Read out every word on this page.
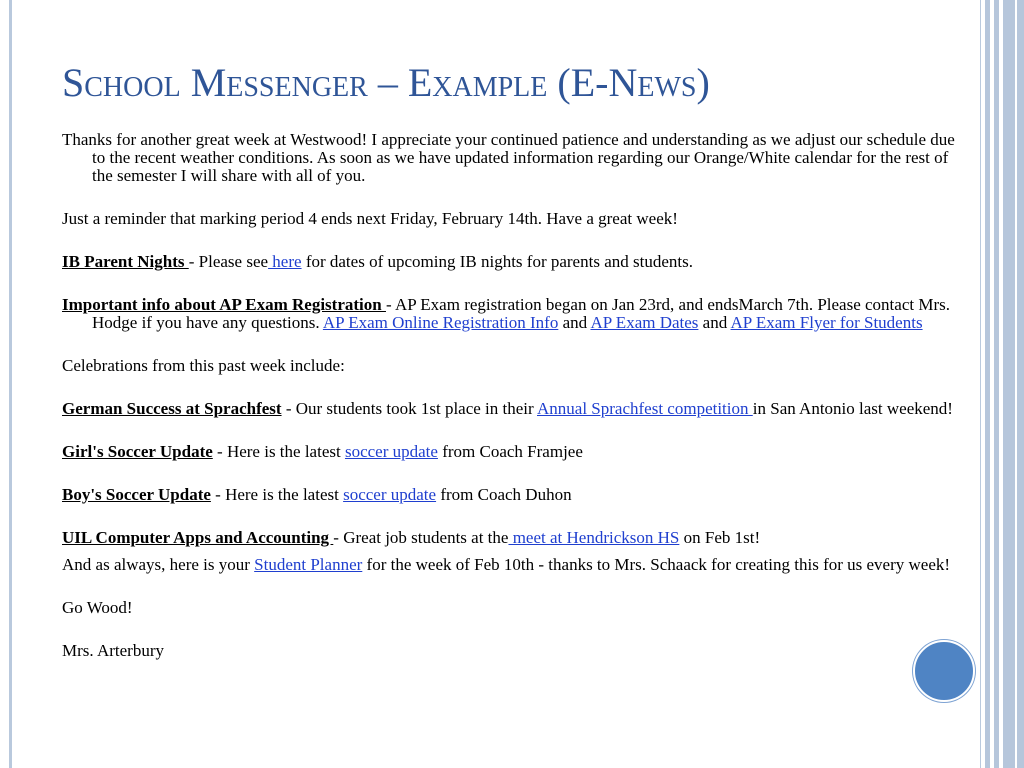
School Messenger – Example (E-News)

Thanks for another great week at Westwood! I appreciate your continued patience and understanding as we adjust our schedule due to the recent weather conditions. As soon as we have updated information regarding our Orange/White calendar for the rest of the semester I will share with all of you.

Just a reminder that marking period 4 ends next Friday, February 14th. Have a great week!

IB Parent Nights - Please see here for dates of upcoming IB nights for parents and students.

Important info about AP Exam Registration - AP Exam registration began on Jan 23rd, and endsMarch 7th. Please contact Mrs. Hodge if you have any questions. AP Exam Online Registration Info and AP Exam Dates and AP Exam Flyer for Students

Celebrations from this past week include:

German Success at Sprachfest - Our students took 1st place in their Annual Sprachfest competition in San Antonio last weekend!

Girl's Soccer Update - Here is the latest soccer update from Coach Framjee

Boy's Soccer Update - Here is the latest soccer update from Coach Duhon

UIL Computer Apps and Accounting - Great job students at the meet at Hendrickson HS on Feb 1st!

And as always, here is your Student Planner for the week of Feb 10th - thanks to Mrs. Schaack for creating this for us every week!

Go Wood!

Mrs. Arterbury
